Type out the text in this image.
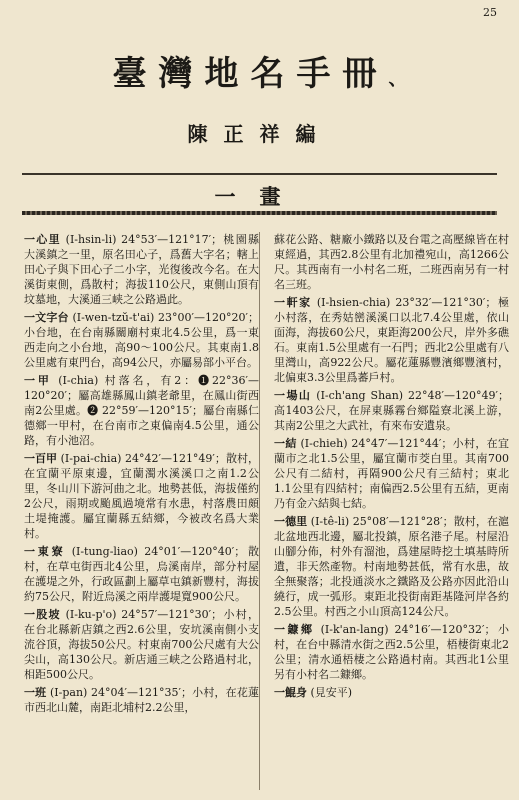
25
臺灣地名手冊、
陳正祥編
一畫
一心里 (I-hsin-li) 24°53′—121°17′；桃園縣大溪鎮之一里，原名田心子，爲舊大字名；轄上田心子與下田心子二小字，光復後改今名。在大溪街東側，爲散村；海拔110公尺，東側山頂有坟墓地，大溪通三峡之公路過此。
一文字台 (I-wen-tzŭ-t'ai) 23°00′—120°20′；小台地，在台南縣關廟村東北4.5公里，爲一東西走向之小台地，高90～100公尺。其東南1.8公里處有東門台，高94公尺，亦屬易部小平台。
一甲 (I-chia) 村落名，有2：❶22°36′—120°20′；屬高雄縣鳳山鎮老爺里，在鳳山街西南2公里處。❷ 22°59′—120°15′；屬台南縣仁德鄉一甲村，在台南市之東偏南4.5公里，通公路，有小池沼。
一百甲 (I-pai-chia) 24°42′—121°49′；散村，在宜蘭平原東邊，宜蘭濁水溪溪口之南1.2公里，冬山川下游河曲之北。地勢甚低，海拔僅約2公尺，雨期或颱風過境常有水患，村落農田頗土堤掩護。屬宜蘭縣五結鄉，今被改名爲大業村。
一東寮 (I-tung-liao) 24°01′—120°40′；散村，在草屯街西北4公里，烏溪南岸，部分村屋在護堤之外，行政區劃上屬草屯鎮新豐村，海拔約75公尺，附近烏溪之兩岸護堤寬900公尺。
一股坡 (I-ku-p'o) 24°57′—121°30′；小村，在台北縣新店鎮之西2.6公里，安坑溪南側小支流谷頂，海拔50公尺。村東南700公尺處有大公尖山，高130公尺。新店通三峡之公路過村北，相距500公尺。
一班 (I-pan) 24°04′—121°35′；小村，在花蓮市西北山麓，南距北埔村2.2公里，
蘇花公路、糖廠小鐵路以及台電之高壓線皆在村東經過，其西2.8公里有北加禮宛山，高1266公尺。其西南有一小村名二班，二班西南另有一村名三班。
一軒家 (I-hsien-chia) 23°32′—121°30′；極小村落，在秀姑巒溪溪口以北7.4公里處，依山面海，海拔60公尺，東距海200公尺，岸外多礁石。東南1.5公里處有一石門；西北2公里處有八里灣山，高922公尺。屬花蓮縣豐濱鄉豐濱村，北偏東3.3公里爲蕃戶村。
一場山 (I-ch'ang Shan) 22°48′—120°49′；高1403公尺，在屏東縣霧台鄉隘寮北溪上游，其南2公里之大武社，有來布安遺泉。
一結 (I-chieh) 24°47′—121°44′；小村，在宜蘭市之北1.5公里，屬宜蘭市茭白里。其南700公尺有二結村，再隔900公尺有三結村；東北1.1公里有四結村；南偏西2.5公里有五結，更南乃有金六結與七結。
一德里 (I-tê-li) 25°08′—121°28′；散村，在滬北盆地西北邊，屬北投鎮，原名港子尾。村屋沿山腳分佈，村外有溜池，爲建屋時挖土填基時所遺，非天然產物。村南地勢甚低，常有水患，故全無聚落；北投通淡水之鐵路及公路亦因此沿山繞行，成一弧形。東距北投街南距基隆河岸各約2.5公里。村西之小山頂高124公尺。
一鏮鄉 (I-k'an-lang) 24°16′—120°32′；小村，在台中縣清水街之西2.5公里，梧棲街東北2公里；清水通梧棲之公路過村南。其西北1公里另有小村名二鏮鄉。
一鯤身 (見安平)
